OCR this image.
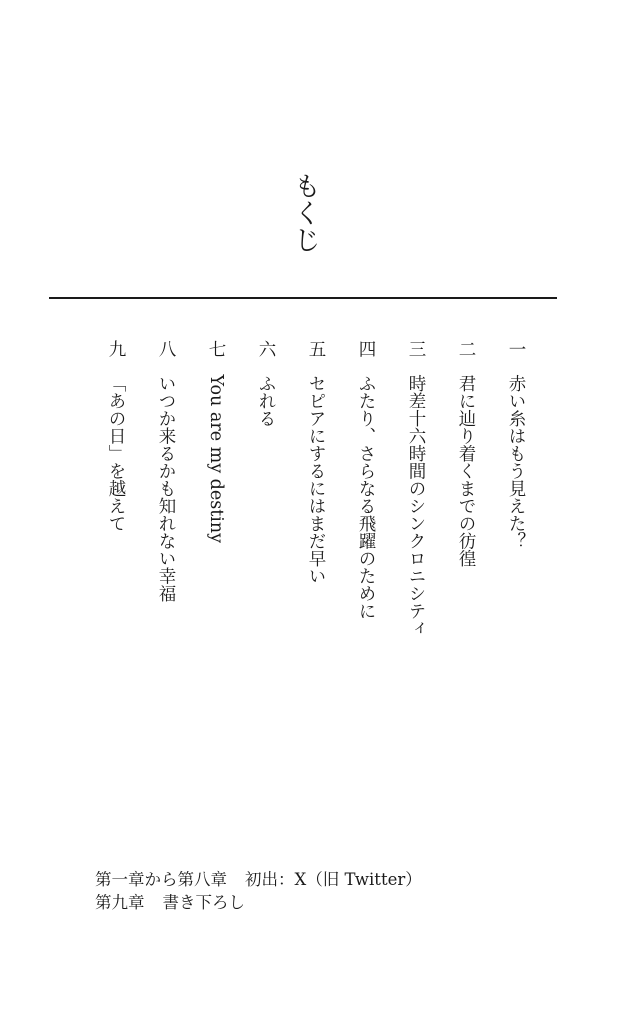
もくじ
一赤い糸はもう見えた？
二君に辿り着くまでの彷徨
三時差十六時間のシンクロニシティ
四ふたり、さらなる飛躍のために
五セピアにするにはまだ早い
六ふれる
七You are my destiny
八いつか来るかも知れない幸福
九「あの日」を越えて
第一章から第八章 初出：X（旧 Twitter）
第九章 書き下ろし
